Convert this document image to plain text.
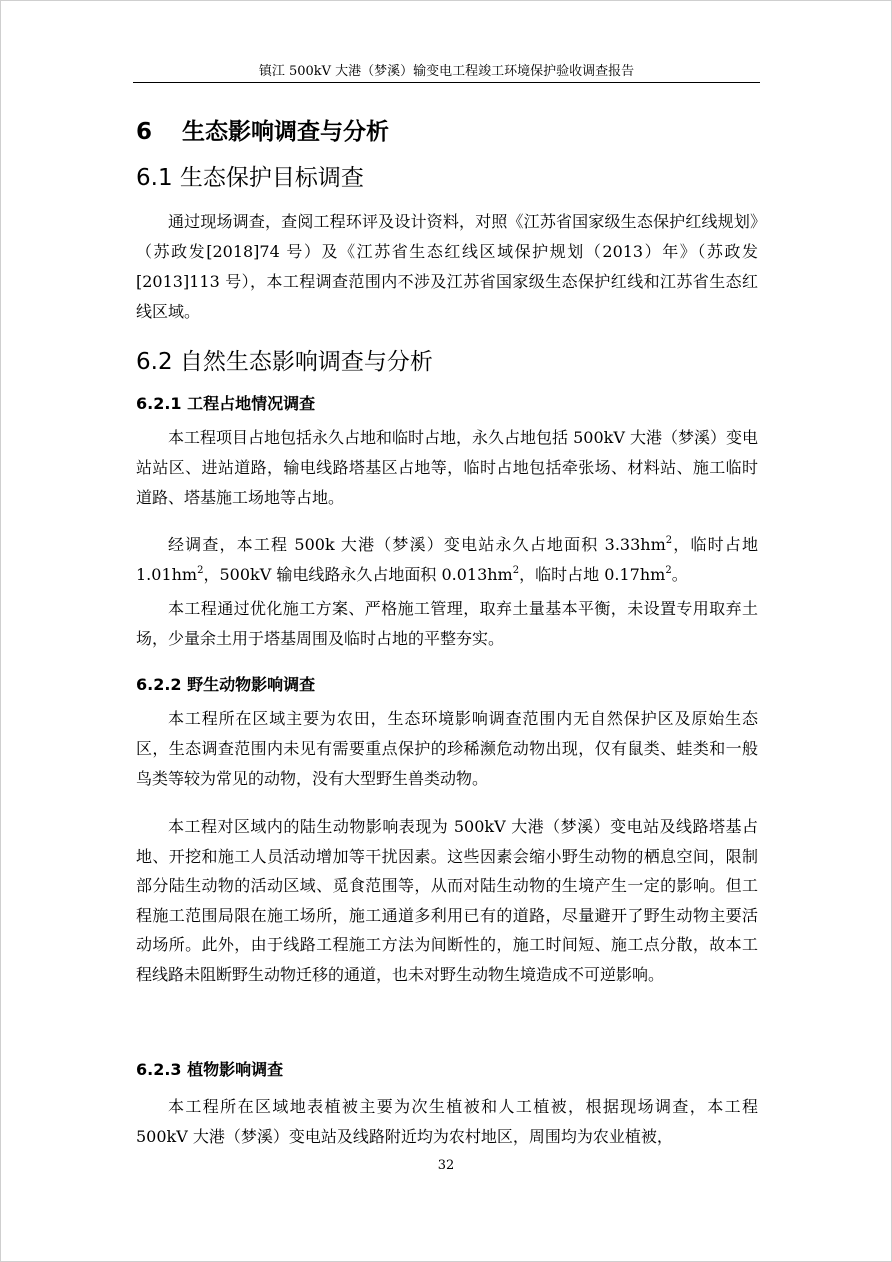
镇江 500kV 大港（梦溪）输变电工程竣工环境保护验收调查报告
6 生态影响调查与分析
6.1 生态保护目标调查

通过现场调查，查阅工程环评及设计资料，对照《江苏省国家级生态保护红线规划》（苏政发[2018]74 号）及《江苏省生态红线区域保护规划（2013）年》（苏政发[2013]113 号），本工程调查范围内不涉及江苏省国家级生态保护红线和江苏省生态红线区域。

6.2 自然生态影响调查与分析
6.2.1 工程占地情况调查

本工程项目占地包括永久占地和临时占地，永久占地包括 500kV 大港（梦溪）变电站站区、进站道路，输电线路塔基区占地等，临时占地包括牵张场、材料站、施工临时道路、塔基施工场地等占地。

经调查，本工程 500k 大港（梦溪）变电站永久占地面积 $3.33hm^2$，临时占地 $1.01hm^2$，500kV 输电线路永久占地面积 $0.013hm^2$，临时占地 $0.17hm^2$。

本工程通过优化施工方案、严格施工管理，取弃土量基本平衡，未设置专用取弃土场，少量余土用于塔基周围及临时占地的平整夯实。

6.2.2 野生动物影响调查

本工程所在区域主要为农田，生态环境影响调查范围内无自然保护区及原始生态区，生态调查范围内未见有需要重点保护的珍稀濒危动物出现，仅有鼠类、蛙类和一般鸟类等较为常见的动物，没有大型野生兽类动物。

本工程对区域内的陆生动物影响表现为 500kV 大港（梦溪）变电站及线路塔基占地、开挖和施工人员活动增加等干扰因素。这些因素会缩小野生动物的栖息空间，限制部分陆生动物的活动区域、觅食范围等，从而对陆生动物的生境产生一定的影响。但工程施工范围局限在施工场所，施工通道多利用已有的道路，尽量避开了野生动物主要活动场所。此外，由于线路工程施工方法为间断性的，施工时间短、施工点分散，故本工程线路未阻断野生动物迁移的通道，也未对野生动物生境造成不可逆影响。

6.2.3 植物影响调查

本工程所在区域地表植被主要为次生植被和人工植被，根据现场调查，本工程 500kV 大港（梦溪）变电站及线路附近均为农村地区，周围均为农业植被，

32
